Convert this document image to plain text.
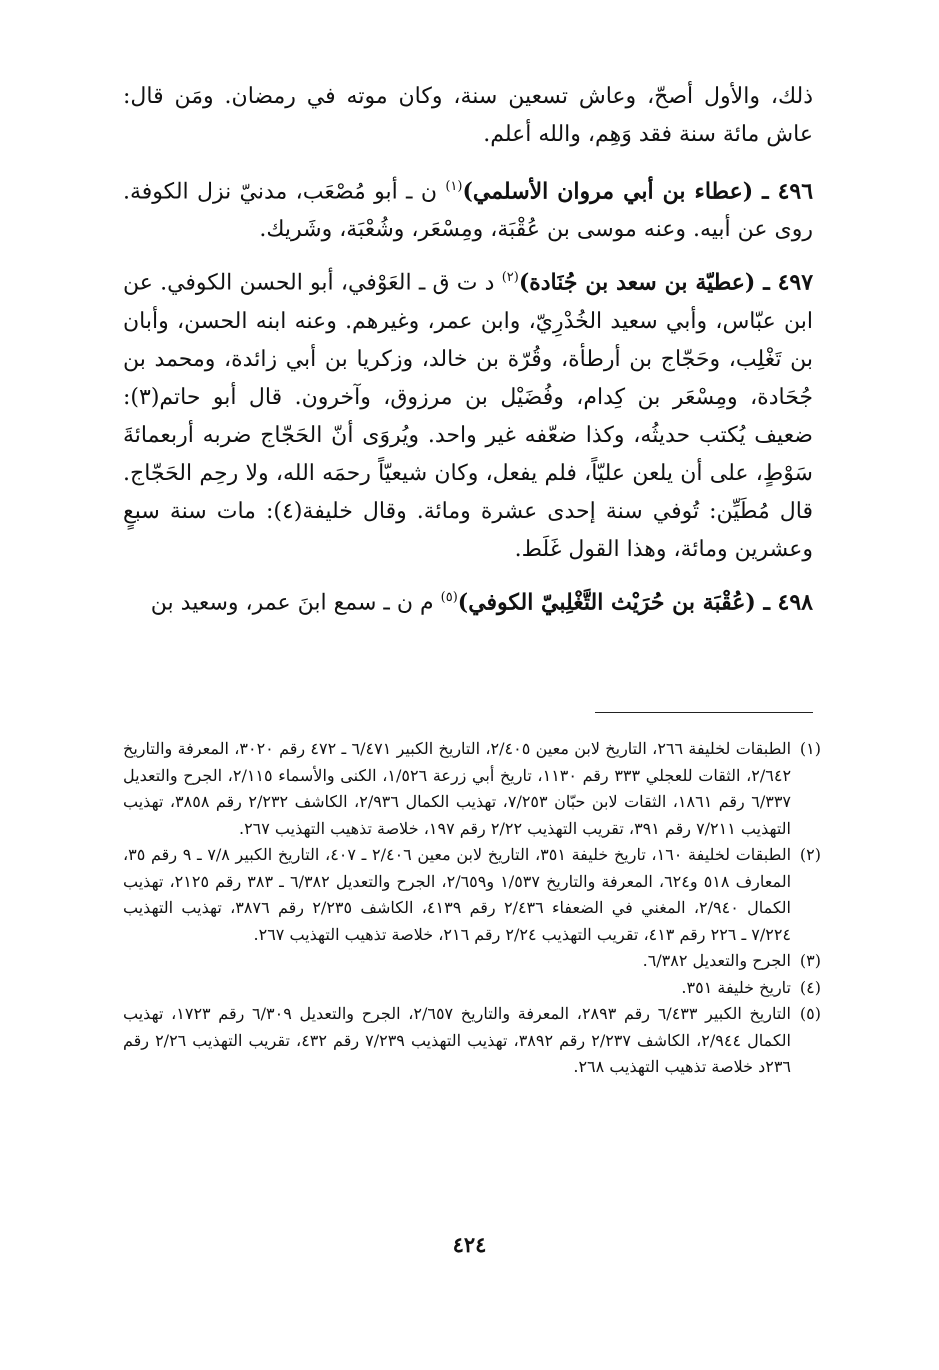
ذلك، والأول أصحّ، وعاش تسعين سنة، وكان موته في رمضان. ومَن قال: عاش مائة سنة فقد وَهِم، والله أعلم.

٤٩٦ ـ (عطاء بن أبي مروان الأسلمي)$^{(١)}$ ن ـ أبو مُصْعَب، مدنيّ نزل الكوفة. روى عن أبيه. وعنه موسى بن عُقْبَة، ومِسْعَر، وشُعْبَة، وشَريك.

٤٩٧ ـ (عطيّة بن سعد بن جُنَادة)$^{(٢)}$ د ت ق ـ العَوْفي، أبو الحسن الكوفي. عن ابن عبّاس، وأبي سعيد الخُدْرِيّ، وابن عمر، وغيرهم. وعنه ابنه الحسن، وأبان بن تَغْلِب، وحَجّاج بن أرطأة، وقُرّة بن خالد، وزكريا بن أبي زائدة، ومحمد بن جُحَادة، ومِسْعَر بن كِدام، وفُضَيْل بن مرزوق، وآخرون. قال أبو حاتم(٣): ضعيف يُكتب حديثُه، وكذا ضعّفه غير واحد. ويُروَى أنّ الحَجّاج ضربه أربعمائةَ سَوْطٍ، على أن يلعن عليّاً، فلم يفعل، وكان شيعيّاً رحمَه الله، ولا رحِم الحَجّاج. قال مُطَيِّن: تُوفي سنة إحدى عشرة ومائة. وقال خليفة(٤): مات سنة سبعٍ وعشرين ومائة، وهذا القول غَلَط.

٤٩٨ ـ (عُقْبَة بن حُرَيْث التَّغْلِبيّ الكوفي)$^{(٥)}$ م ن ـ سمع ابنَ عمر، وسعيد بن

(١)
الطبقات لخليفة ٢٦٦، التاريخ لابن معين ٢/٤٠٥، التاريخ الكبير ٦/٤٧١ ـ ٤٧٢ رقم ٣٠٢٠، المعرفة والتاريخ ٢/٦٤٢، الثقات للعجلي ٣٣٣ رقم ١١٣٠، تاريخ أبي زرعة ١/٥٢٦، الكنى والأسماء ٢/١١٥، الجرح والتعديل ٦/٣٣٧ رقم ١٨٦١، الثقات لابن حبّان ٧/٢٥٣، تهذيب الكمال ٢/٩٣٦، الكاشف ٢/٢٣٢ رقم ٣٨٥٨، تهذيب التهذيب ٧/٢١١ رقم ٣٩١، تقريب التهذيب ٢/٢٢ رقم ١٩٧، خلاصة تذهيب التهذيب ٢٦٧.
(٢)
الطبقات لخليفة ١٦٠، تاريخ خليفة ٣٥١، التاريخ لابن معين ٢/٤٠٦ ـ ٤٠٧، التاريخ الكبير ٧/٨ ـ ٩ رقم ٣٥، المعارف ٥١٨ و٦٢٤، المعرفة والتاريخ ١/٥٣٧ و٢/٦٥٩، الجرح والتعديل ٦/٣٨٢ ـ ٣٨٣ رقم ٢١٢٥، تهذيب الكمال ٢/٩٤٠، المغني في الضعفاء ٢/٤٣٦ رقم ٤١٣٩، الكاشف ٢/٢٣٥ رقم ٣٨٧٦، تهذيب التهذيب ٧/٢٢٤ ـ ٢٢٦ رقم ٤١٣، تقريب التهذيب ٢/٢٤ رقم ٢١٦، خلاصة تذهيب التهذيب ٢٦٧.
(٣)
الجرح والتعديل ٦/٣٨٢.
(٤)
تاريخ خليفة ٣٥١.
(٥)
التاريخ الكبير ٦/٤٣٣ رقم ٢٨٩٣، المعرفة والتاريخ ٢/٦٥٧، الجرح والتعديل ٦/٣٠٩ رقم ١٧٢٣، تهذيب الكمال ٢/٩٤٤، الكاشف ٢/٢٣٧ رقم ٣٨٩٢، تهذيب التهذيب ٧/٢٣٩ رقم ٤٣٢، تقريب التهذيب ٢/٢٦ رقم ٢٣٦د خلاصة تذهيب التهذيب ٢٦٨.
٤٢٤
